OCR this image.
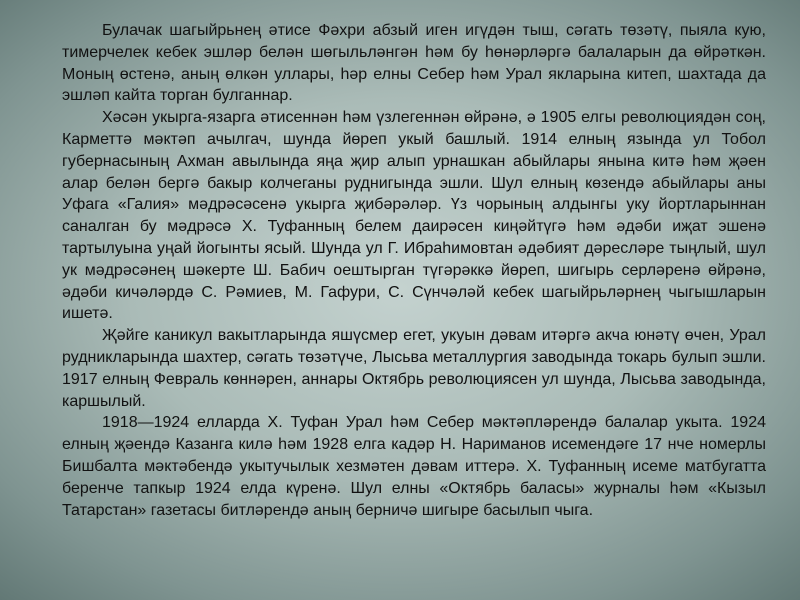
Булачак шагыйрьнең әтисе Фәхри абзый иген игүдән тыш, сәгать төзәтү, пыяла кую, тимерчелек кебек эшләр белән шөгыльләнгән һәм бу һөнәрләргә балаларын да өйрәткән. Моның өстенә, аның өлкән уллары, һәр елны Себер һәм Урал якларына китеп, шахтада да эшләп кайта торган булганнар.

Хәсән укырга-язарга әтисеннән һәм үзлегеннән өйрәнә, ә 1905 елгы революциядән соң, Карметтә мәктәп ачылгач, шунда йөреп укый башлый. 1914 елның язында ул Тобол губернасының Ахман авылында яңа җир алып урнашкан абыйлары янына китә һәм җәен алар белән бергә бакыр колчеганы руднигында эшли. Шул елның көзендә абыйлары аны Уфага «Галия» мәдрәсәсенә укырга җибәрәләр. Үз чорының алдынгы уку йортларыннан саналган бу мәдрәсә Х. Туфанның белем даирәсен киңәйтүгә һәм әдәби иҗат эшенә тартылуына уңай йогынты ясый. Шунда ул Г. Ибраһимовтан әдәбият дәресләре тыңлый, шул ук мәдрәсәнең шәкерте Ш. Бабич оештырган түгәрәккә йөреп, шигырь серләренә өйрәнә, әдәби кичәләрдә С. Рәмиев, М. Гафури, С. Сүнчәләй кебек шагыйрьләрнең чыгышларын ишетә.

Җәйге каникул вакытларында яшүсмер егет, укуын дәвам итәргә акча юнәтү өчен, Урал рудникларында шахтер, сәгать төзәтүче, Лысьва металлургия заводында токарь булып эшли. 1917 елның Февраль көннәрен, аннары Октябрь революциясен ул шунда, Лысьва заводында, каршылый.

1918—1924 елларда Х. Туфан Урал һәм Себер мәктәпләрендә балалар укыта. 1924 елның җәендә Казанга килә һәм 1928 елга кадәр Н. Нариманов исемендәге 17 нче номерлы Бишбалта мәктәбендә укытучылык хезмәтен дәвам иттерә. Х. Туфанның исеме матбугатта беренче тапкыр 1924 елда күренә. Шул елны «Октябрь баласы» журналы һәм «Кызыл Татарстан» газетасы битләрендә аның берничә шигыре басылып чыга.
